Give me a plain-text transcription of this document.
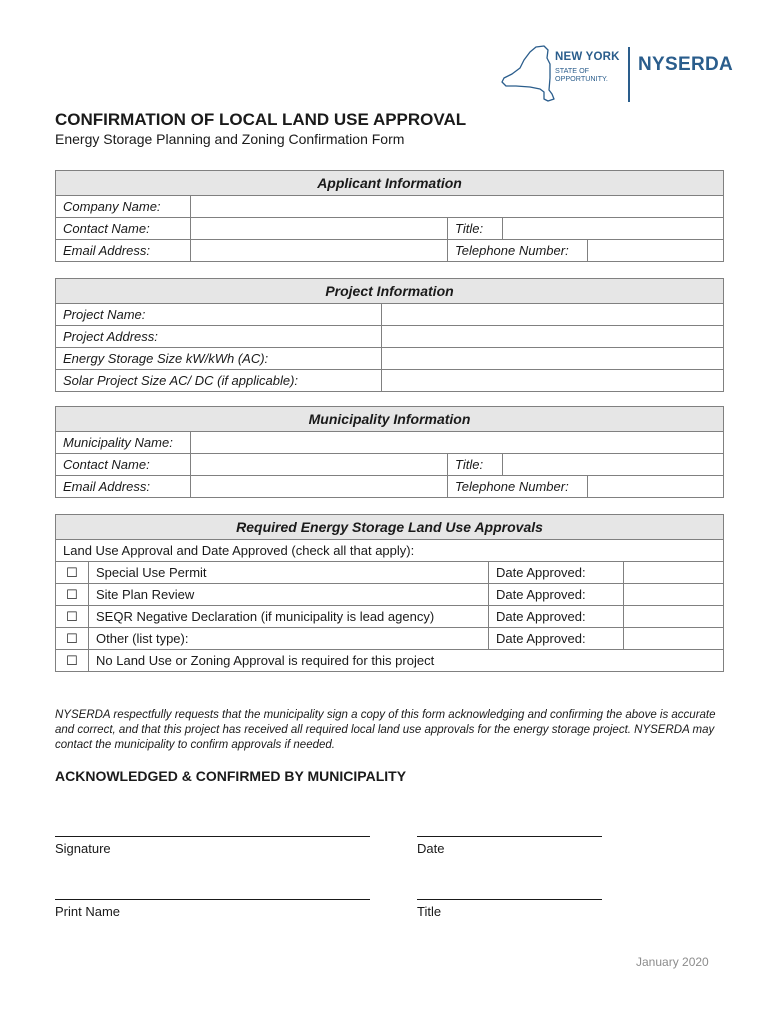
NEW YORK
STATE OF
OPPORTUNITY.
NYSERDA
CONFIRMATION OF LOCAL LAND USE APPROVAL
Energy Storage Planning and Zoning Confirmation Form
Applicant Information				
Company Name:				
Contact Name:		Title:		
Email Address:		Telephone Number:		
Project Information	
Project Name:	
Project Address:	
Energy Storage Size kW/kWh (AC):	
Solar Project Size AC/ DC (if applicable):	
Municipality Information				
Municipality Name:				
Contact Name:		Title:		
Email Address:		Telephone Number:		
Required Energy Storage Land Use Approvals			
Land Use Approval and Date Approved (check all that apply):			
☐	Special Use Permit	Date Approved:	
☐	Site Plan Review	Date Approved:	
☐	SEQR Negative Declaration (if municipality is lead agency)	Date Approved:	
☐	Other (list type):	Date Approved:	
☐	No Land Use or Zoning Approval is required for this project		

NYSERDA respectfully requests that the municipality sign a copy of this form acknowledging and confirming the above is accurate and correct, and that this project has received all required local land use approvals for the energy storage project. NYSERDA may contact the municipality to confirm approvals if needed.

ACKNOWLEDGED & CONFIRMED BY MUNICIPALITY
Signature	Date
Print Name	Title
January 2020
